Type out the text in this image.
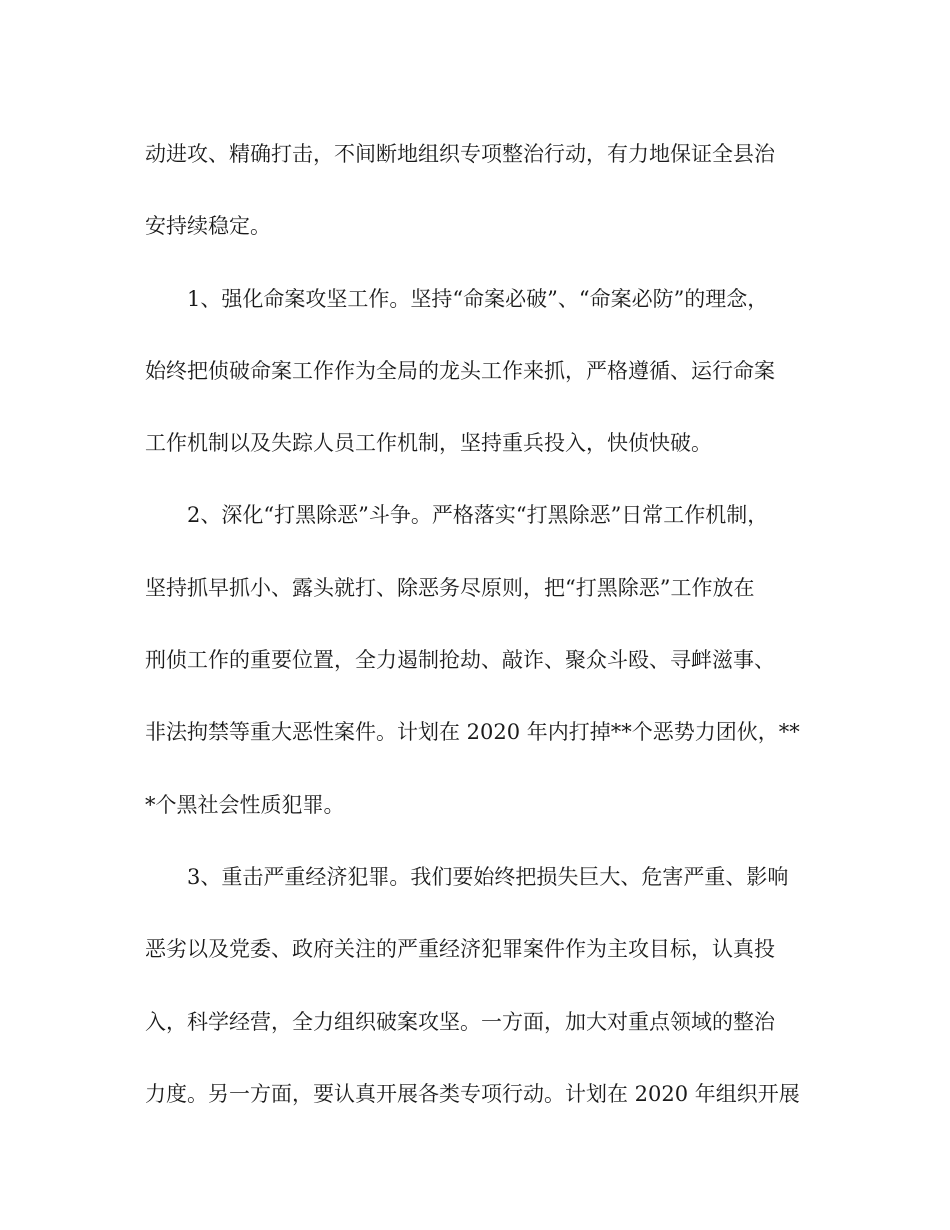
动进攻、精确打击，不间断地组织专项整治行动，有力地保证全县治
安持续稳定。
1、强化命案攻坚工作。坚持“命案必破”、“命案必防”的理念，
始终把侦破命案工作作为全局的龙头工作来抓，严格遵循、运行命案
工作机制以及失踪人员工作机制，坚持重兵投入，快侦快破。
2、深化“打黑除恶”斗争。严格落实“打黑除恶”日常工作机制，
坚持抓早抓小、露头就打、除恶务尽原则，把“打黑除恶”工作放在
刑侦工作的重要位置，全力遏制抢劫、敲诈、聚众斗殴、寻衅滋事、
非法拘禁等重大恶性案件。计划在 2020 年内打掉**个恶势力团伙，**
*个黑社会性质犯罪。
3、重击严重经济犯罪。我们要始终把损失巨大、危害严重、影响
恶劣以及党委、政府关注的严重经济犯罪案件作为主攻目标，认真投
入，科学经营，全力组织破案攻坚。一方面，加大对重点领域的整治
力度。另一方面，要认真开展各类专项行动。计划在 2020 年组织开展
